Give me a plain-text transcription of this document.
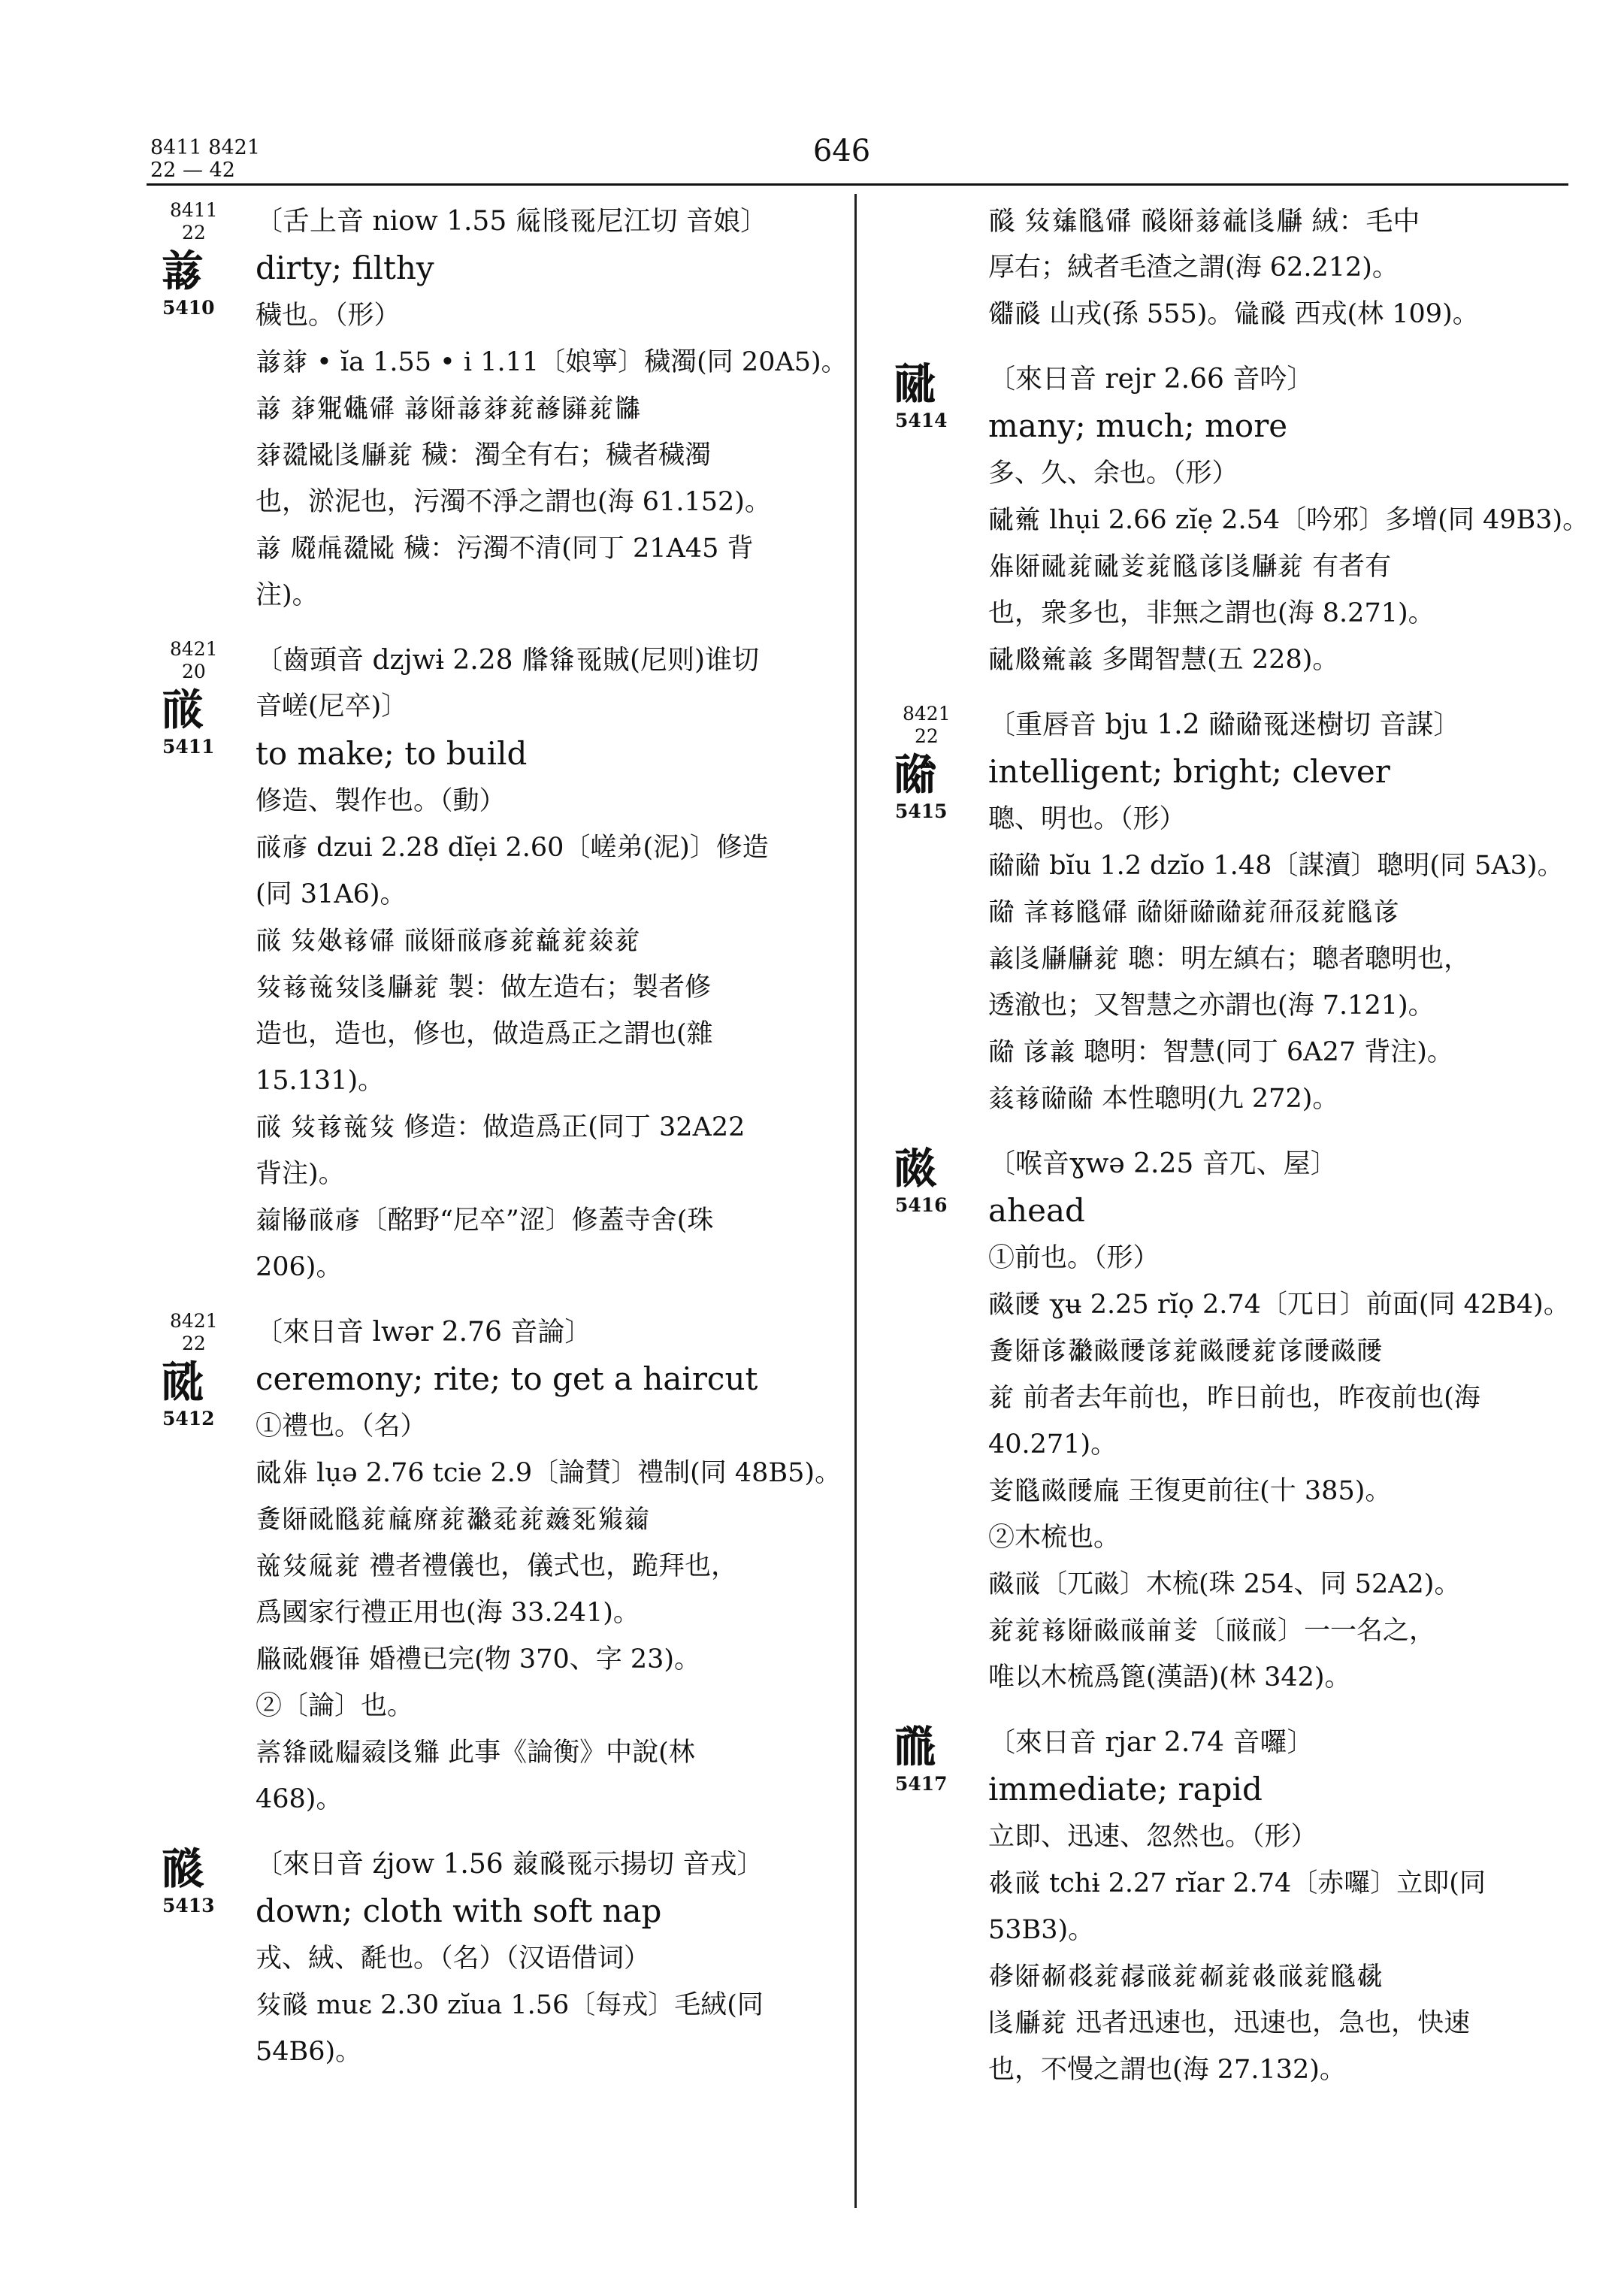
8411 8421
22 — 42
646
8411
22
𗑎
5410
〔舌上音 niow 1.55 𗏁𗁦𗀔尼江切 音娘〕
dirty; filthy
穢也。（形）
𗑎𗑍 • ĭa 1.55 • i 1.11〔娘寧〕穢濁(同 20A5)。
𗑎 𗑍𗋆𗃱𗃦 𗑎𗁔𗑎𗑍𗐱𗒘𗂏𗐱𗐩
𗑍𗗆𗎫𗁅𗆦𗐱 穢：濁全有右；穢者穢濁
也，淤泥也，污濁不淨之謂也(海 61.152)。
𗑎 𗆧𗍫𗗆𗎫 穢：污濁不清(同丁 21A45 背
注)。
8421
20
𗍻
5411
〔齒頭音 dzjwɨ 2.28 𗆄𗌭𗀔賊(尼则)谁切
音嵯(尼卒)〕
to make; to build
修造、製作也。（動）
𗍻𗇋 dzui 2.28 dĭẹi 2.60〔嵯弟(泥)〕修造
(同 31A6)。
𗍻 𗊏𗐆𗐾𗃦 𗍻𗁔𗍻𗇋𗐱𗔝𗐱𗒃𗐱
𗊏𗐾𗑮𗊏𗁅𗆦𗐱 製：做左造右；製者修
造也，造也，修也，做造爲正之謂也(雜
15.131)。
𗍻 𗊏𗐾𗑮𗊏 修造：做造爲正(同丁 32A22
背注)。
𗓟𗎨𗍻𗇋〔酩野“尼卒”涩〕修蓋寺舍(珠
206)。
8421
22
𗍼
5412
〔來日音 lwər 2.76 音論〕
ceremony; rite; to get a haircut
①禮也。（名）
𗍼𗏉 lụə 2.76 tcie 2.9〔論賛〕禮制(同 48B5)。
𗐓𗁔𗍼𗂃𗐱𗓗𗐡𗐱𗗍𗇡𗐱𗔺𗀆𗋚𗓟
𗑮𗊏𗏁𗐱 禮者禮儀也，儀式也，跪拜也，
爲國家行禮正用也(海 33.241)。
𗆐𗍼𗏻𗔽 婚禮已完(物 370、字 23)。
②〔論〕也。
𗑄𗌭𗍼𗆝𗇶𗀺𗌆 此事《論衡》中說(林
468)。
𗍽
5413
〔來日音 źjow 1.56 𗓑𗍽𗀔示揚切 音戎〕
down; cloth with soft nap
戎、絨、氄也。（名）（汉语借词）
𗊏𗍽 muɛ 2.30 zĭua 1.56〔每戎〕毛絨(同
54B6)。
𗍽 𗊏𗑭𗂃𗃦 𗍽𗁔𗐿𗑫𗁅𗆦 絨：毛中
厚右；絨者毛渣之謂(海 62.212)。
𗃽𗍽 山戎(孫 555)。𗃴𗍽 西戎(林 109)。
𗍾
5414
〔來日音 rejr 2.66 音吟〕
many; much; more
多、久、余也。（形）
𗍾𗓷 lhụi 2.66 zĭẹ 2.54〔吟邪〕多增(同 49B3)。
𗏉𗁔𗍾𗐱𗍾𗐻𗐱𗂃𗐪𗁅𗆦𗐱 有者有
也，衆多也，非無之謂也(海 8.271)。
𗍾𗆑𗓷𗓁 多聞智慧(五 228)。
8421
22
𗍿
5415
〔重唇音 bju 1.2 𗍿𗍿𗀔迷樹切 音謀〕
intelligent; bright; clever
聰、明也。（形）
𗍿𗍿 bĭu 1.2 dzĭo 1.48〔謀瀆〕聰明(同 5A3)。
𗍿 𗐰𗐾𗂃𗃦 𗍿𗁔𗍿𗍿𗐱𗗓𗗔𗐱𗂃𗐪
𗓁𗁅𗆦𗆦𗐱 聰：明左縝右；聰者聰明也，
透澈也；又智慧之亦謂也(海 7.121)。
𗍿 𗐪𗓁 聰明：智慧(同丁 6A27 背注)。
𗑠𗐾𗍿𗍿 本性聰明(九 272)。
𗎀
5416
〔喉音ɣwə 2.25 音兀、屋〕
ahead
①前也。（形）
𗎀𗎁 ɣʉ 2.25 rĭọ 2.74〔兀日〕前面(同 42B4)。
𗐓𗁔𗐪𗗍𗎀𗎁𗐪𗐱𗎀𗎁𗐱𗐪𗎁𗎀𗎁
𗐱 前者去年前也，昨日前也，昨夜前也(海
40.271)。
𗐻𗂃𗎀𗎁𗐤 王復更前往(十 385)。
②木梳也。
𗎀𗍻〔兀𗎀〕木梳(珠 254、同 52A2)。
𗐱𗐱𗐾𗁔𗎀𗍻𗐺𗐻〔𗍻𗍻〕一一名之，
唯以木梳爲篦(漢語)(林 342)。
𗎂
5417
〔來日音 rjar 2.74 音囉〕
immediate; rapid
立即、迅速、忽然也。（形）
𗎃𗍻 tchɨ 2.27 rĭar 2.74〔赤囉〕立即(同
53B3)。
𗎄𗁔𗎅𗎆𗐱𗎇𗍻𗐱𗎅𗐱𗎃𗍻𗐱𗂃𗎈
𗁅𗆦𗐱 迅者迅速也，迅速也，急也，快速
也，不慢之謂也(海 27.132)。
